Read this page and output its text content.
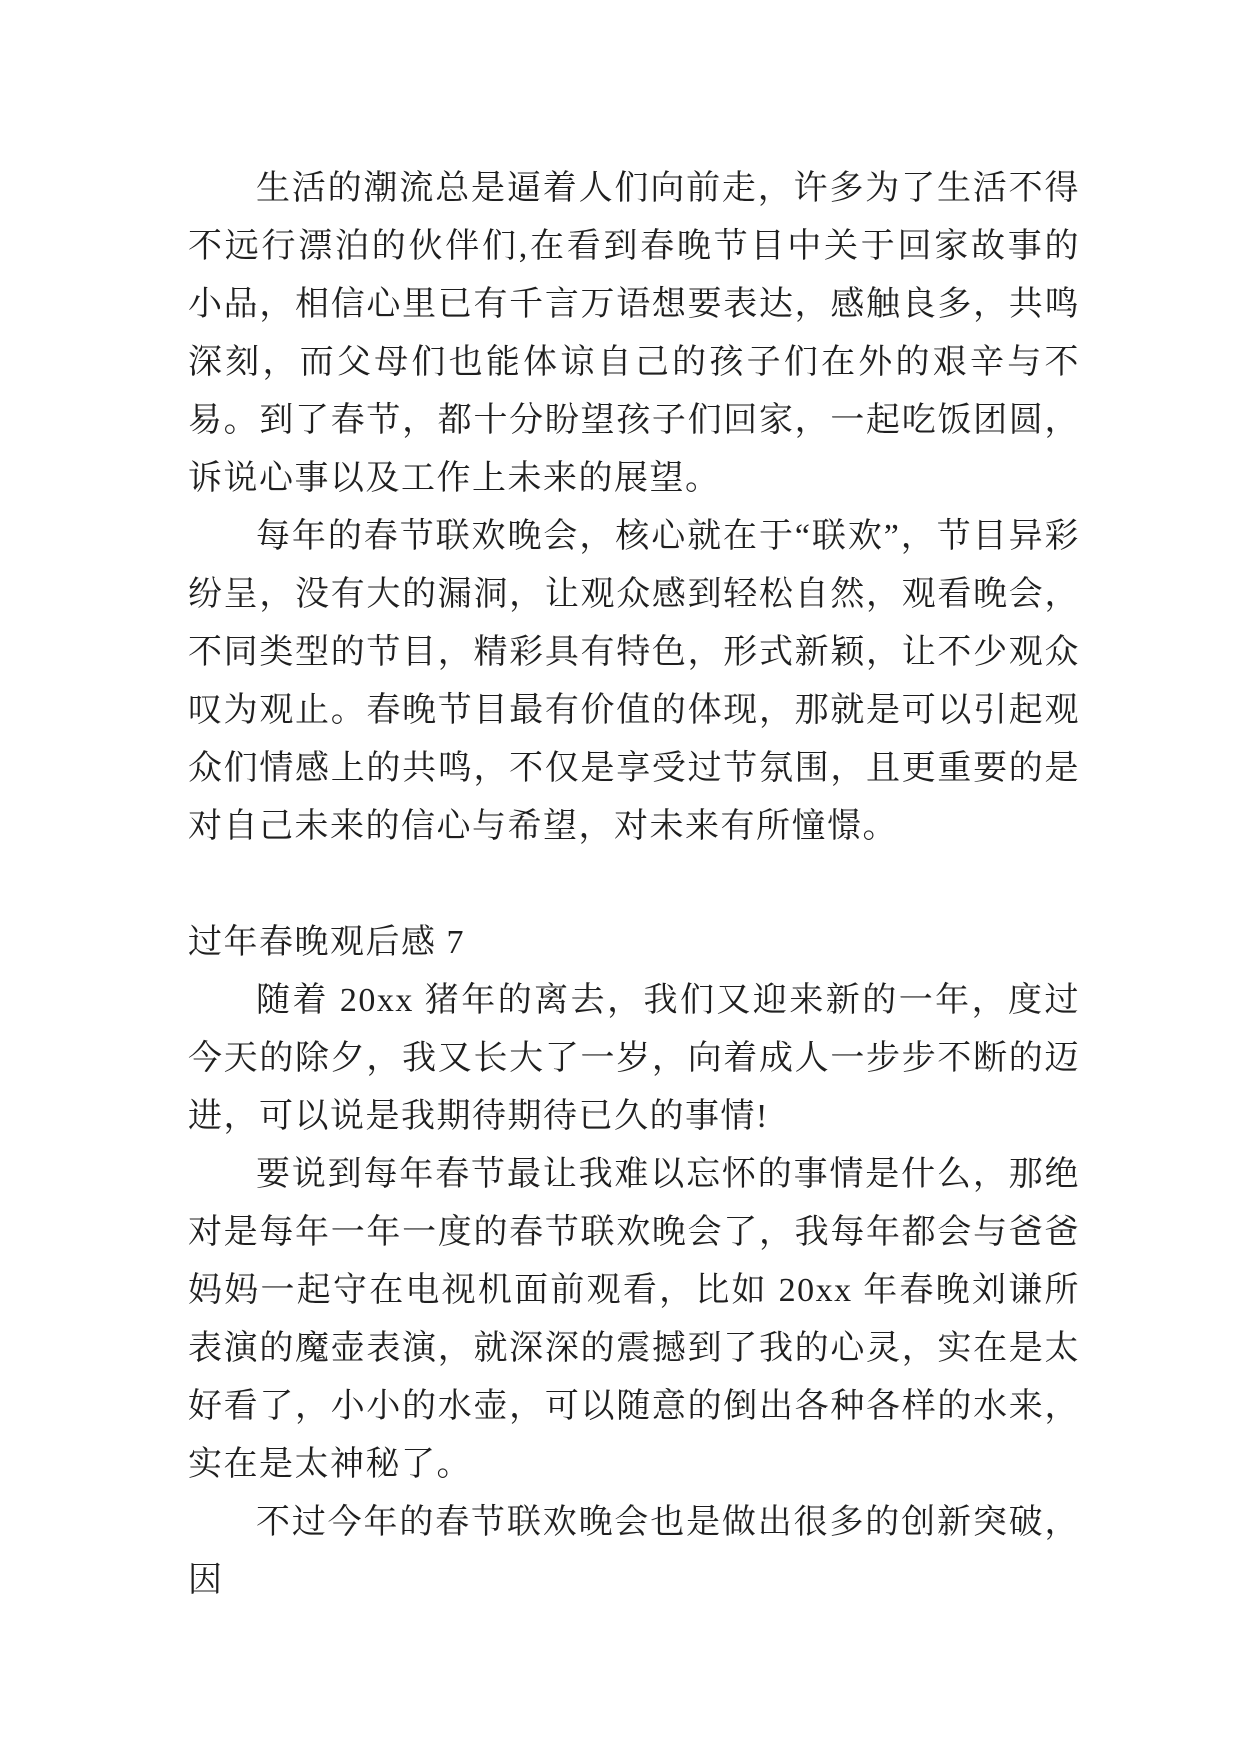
生活的潮流总是逼着人们向前走，许多为了生活不得不远行漂泊的伙伴们,在看到春晚节目中关于回家故事的小品，相信心里已有千言万语想要表达，感触良多，共鸣深刻，而父母们也能体谅自己的孩子们在外的艰辛与不易。到了春节，都十分盼望孩子们回家，一起吃饭团圆，诉说心事以及工作上未来的展望。

每年的春节联欢晚会，核心就在于“联欢”，节目异彩纷呈，没有大的漏洞，让观众感到轻松自然，观看晚会，不同类型的节目，精彩具有特色，形式新颖，让不少观众叹为观止。春晚节目最有价值的体现，那就是可以引起观众们情感上的共鸣，不仅是享受过节氛围，且更重要的是对自己未来的信心与希望，对未来有所憧憬。

过年春晚观后感 7

随着 20xx 猪年的离去，我们又迎来新的一年，度过今天的除夕，我又长大了一岁，向着成人一步步不断的迈进，可以说是我期待期待已久的事情!

要说到每年春节最让我难以忘怀的事情是什么，那绝对是每年一年一度的春节联欢晚会了，我每年都会与爸爸妈妈一起守在电视机面前观看，比如 20xx 年春晚刘谦所表演的魔壶表演，就深深的震撼到了我的心灵，实在是太好看了，小小的水壶，可以随意的倒出各种各样的水来，实在是太神秘了。

不过今年的春节联欢晚会也是做出很多的创新突破，因
